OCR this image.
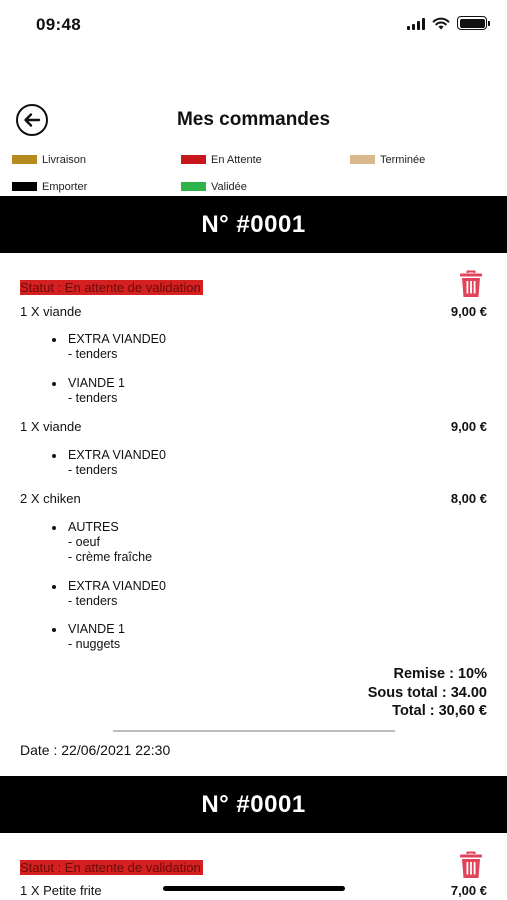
09:48
Mes commandes
Livraison	En Attente	Terminée
Emporter	Validée
N° #0001
Statut : En attente de validation
1 X viande	9,00 €
EXTRA VIANDE0
- tenders
VIANDE 1
- tenders
1 X viande	9,00 €
EXTRA VIANDE0
- tenders
2 X chiken	8,00 €
AUTRES
- oeuf
- crème fraîche
EXTRA VIANDE0
- tenders
VIANDE 1
- nuggets
Remise : 10%
Sous total : 34.00
Total : 30,60 €
Date : 22/06/2021 22:30
N° #0001
Statut : En attente de validation
1 X Petite frite	7,00 €
